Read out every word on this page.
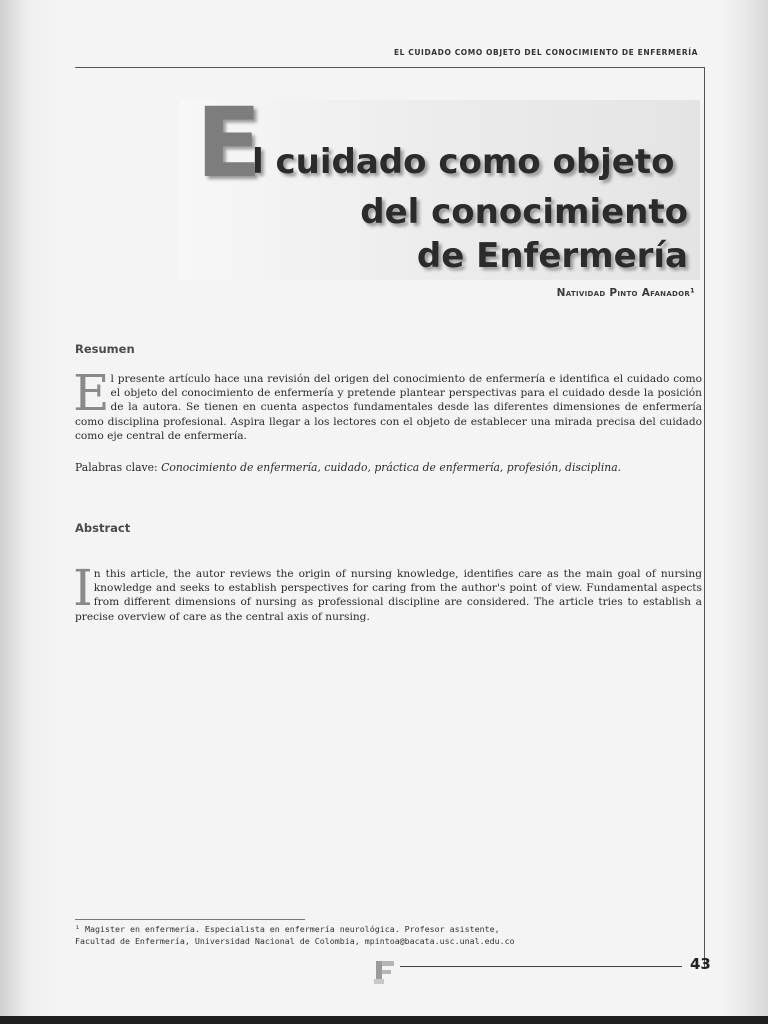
EL CUIDADO COMO OBJETO DEL CONOCIMIENTO DE ENFERMERÍA
E
l cuidado como objeto
del conocimiento
de Enfermería
Natividad Pinto Afanador¹
Resumen
El presente artículo hace una revisión del origen del conocimiento de enfermería e identifica el cuidado como el objeto del conocimiento de enfermería y pretende plantear perspectivas para el cuidado desde la posición de la autora. Se tienen en cuenta aspectos fundamentales desde las diferentes dimensiones de enfermería como disciplina profesional. Aspira llegar a los lectores con el objeto de establecer una mirada precisa del cuidado como eje central de enfermería.
Palabras clave: Conocimiento de enfermería, cuidado, práctica de enfermería, profesión, disciplina.
Abstract
In this article, the autor reviews the origin of nursing knowledge, identifies care as the main goal of nursing knowledge and seeks to establish perspectives for caring from the author's point of view. Fundamental aspects from different dimensions of nursing as professional discipline are considered. The article tries to establish a precise overview of care as the central axis of nursing.
¹ Magister en enfermería. Especialista en enfermería neurológica. Profesor asistente,
Facultad de Enfermería, Universidad Nacional de Colombia, mpintoa@bacata.usc.unal.edu.co
43
